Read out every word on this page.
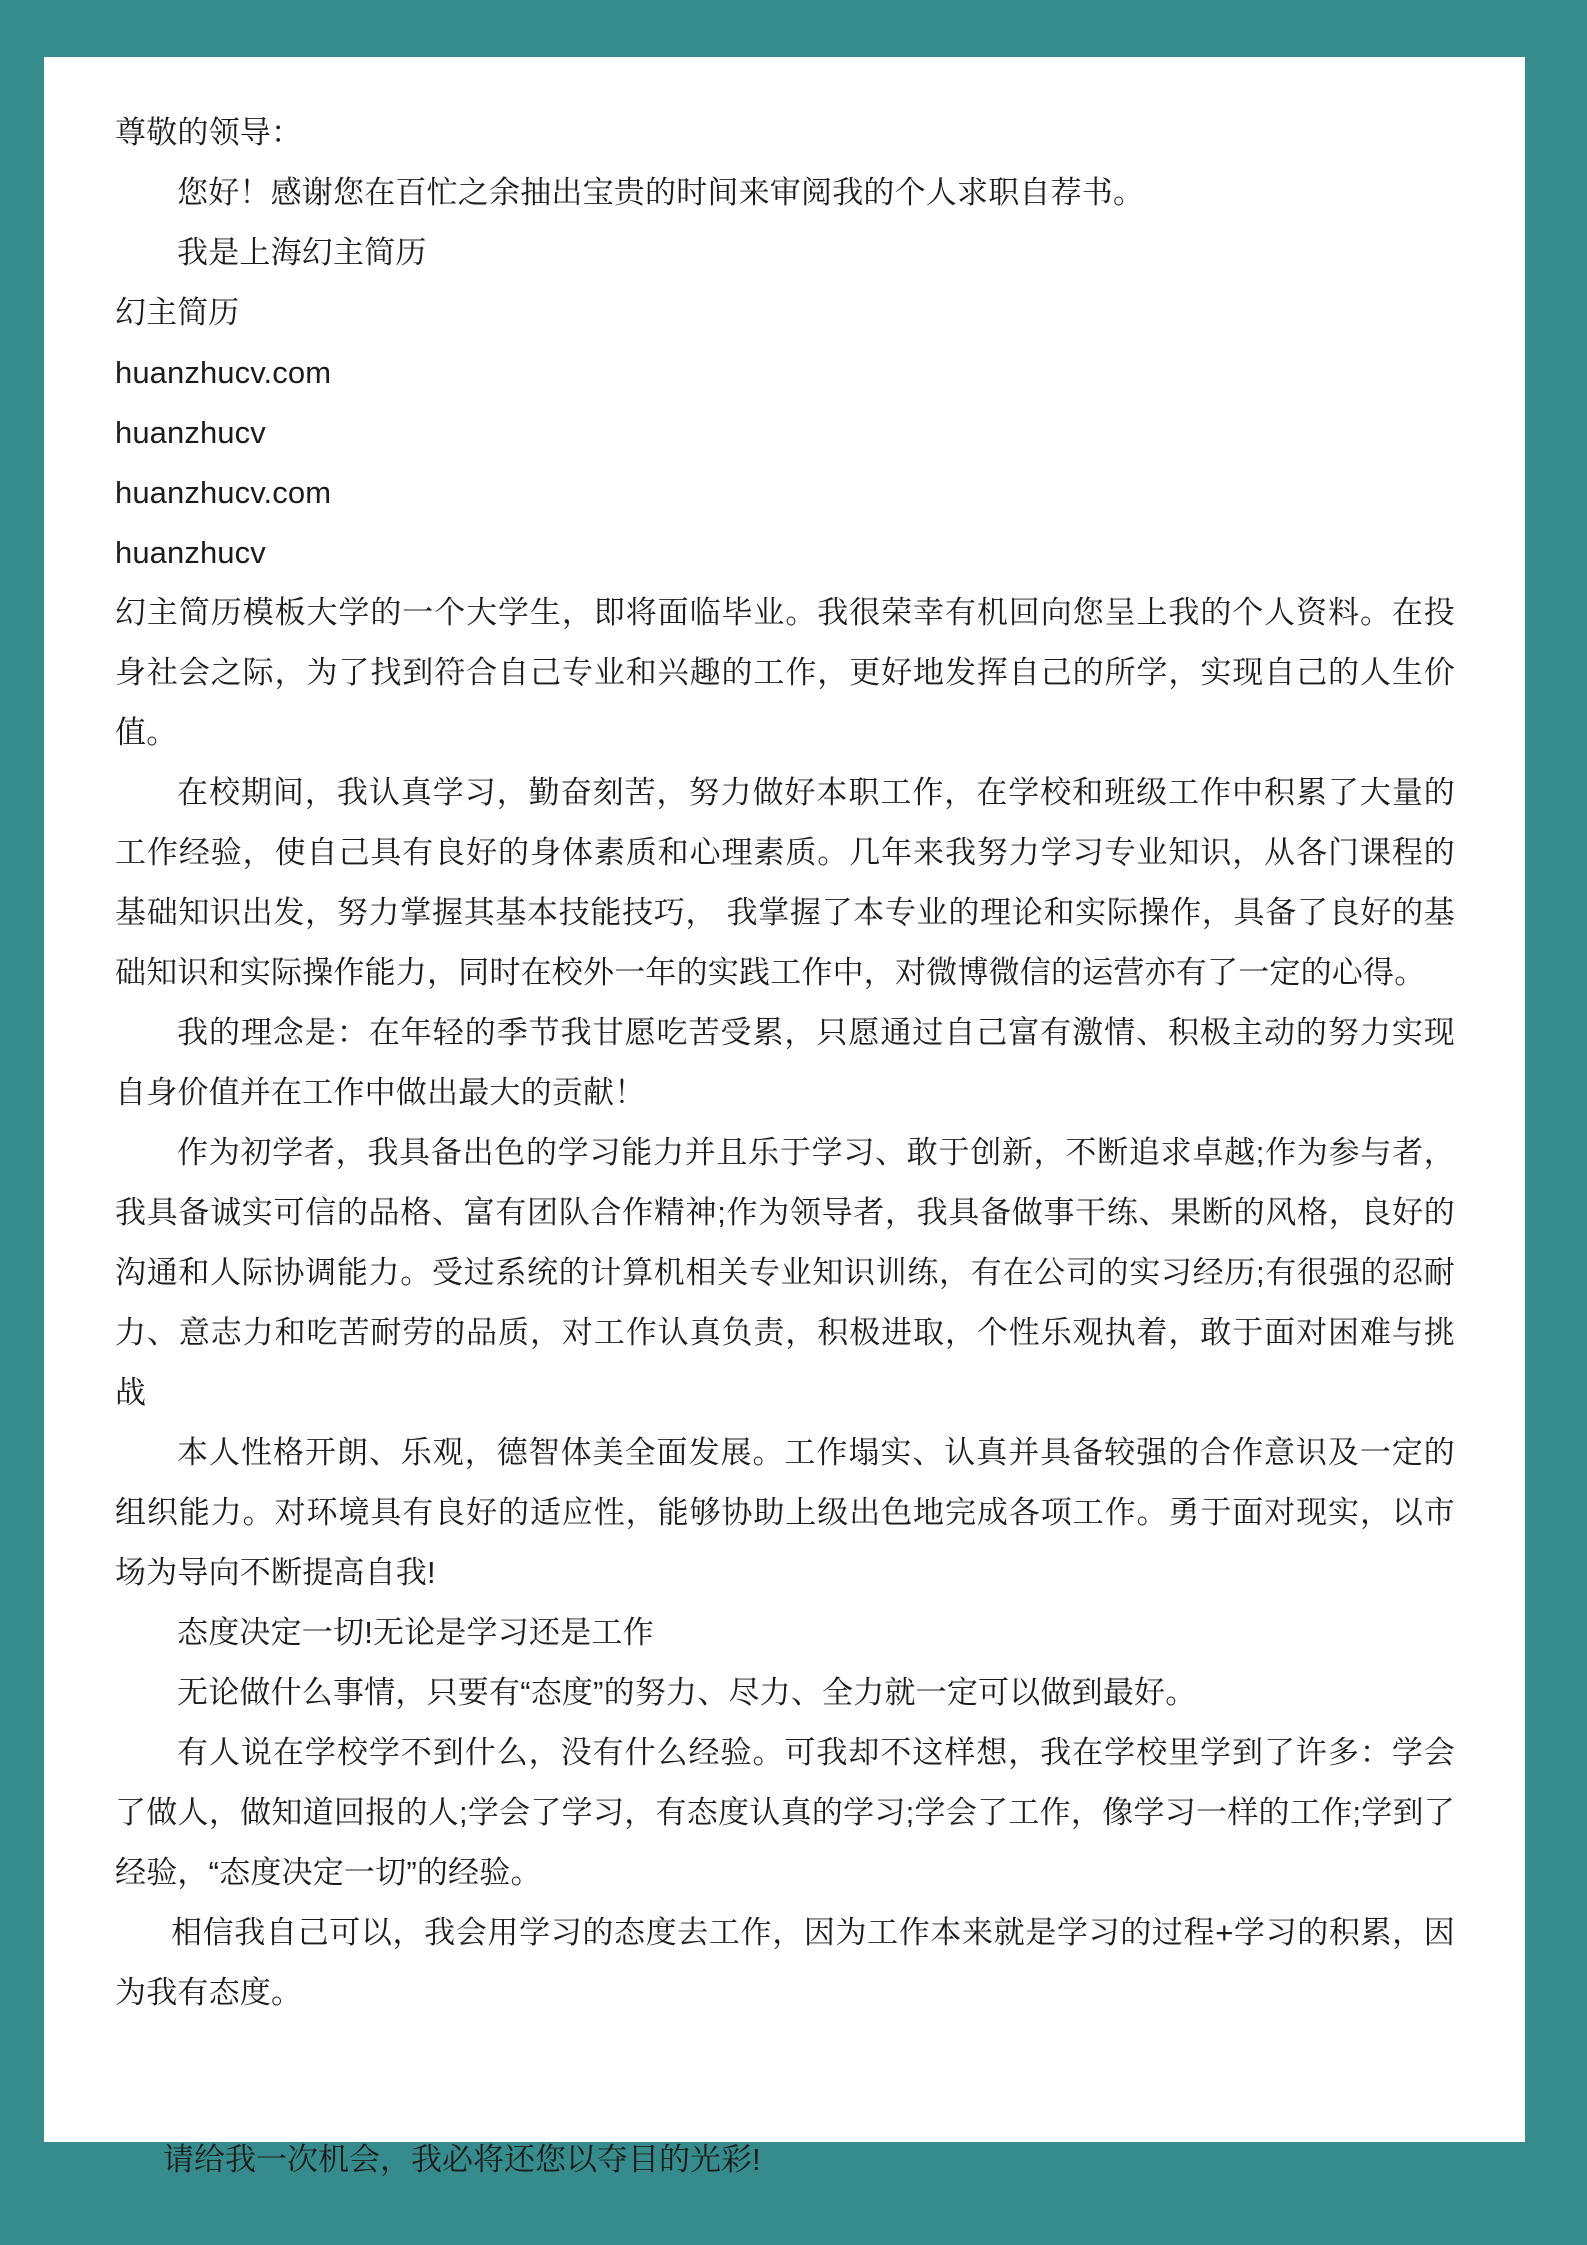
尊敬的领导：

您好！感谢您在百忙之余抽出宝贵的时间来审阅我的个人求职自荐书。

我是上海幻主简历

幻主简历

huanzhucv.com

huanzhucv

huanzhucv.com

huanzhucv

幻主简历模板大学的一个大学生，即将面临毕业。我很荣幸有机回向您呈上我的个人资料。在投身社会之际，为了找到符合自己专业和兴趣的工作，更好地发挥自己的所学，实现自己的人生价值。

在校期间，我认真学习，勤奋刻苦，努力做好本职工作，在学校和班级工作中积累了大量的工作经验，使自己具有良好的身体素质和心理素质。几年来我努力学习专业知识，从各门课程的基础知识出发，努力掌握其基本技能技巧， 我掌握了本专业的理论和实际操作，具备了良好的基础知识和实际操作能力，同时在校外一年的实践工作中，对微博微信的运营亦有了一定的心得。

我的理念是：在年轻的季节我甘愿吃苦受累，只愿通过自己富有激情、积极主动的努力实现自身价值并在工作中做出最大的贡献！

作为初学者，我具备出色的学习能力并且乐于学习、敢于创新，不断追求卓越;作为参与者，我具备诚实可信的品格、富有团队合作精神;作为领导者，我具备做事干练、果断的风格，良好的沟通和人际协调能力。受过系统的计算机相关专业知识训练，有在公司的实习经历;有很强的忍耐力、意志力和吃苦耐劳的品质，对工作认真负责，积极进取，个性乐观执着，敢于面对困难与挑战

本人性格开朗、乐观，德智体美全面发展。工作塌实、认真并具备较强的合作意识及一定的组织能力。对环境具有良好的适应性，能够协助上级出色地完成各项工作。勇于面对现实，以市场为导向不断提高自我!

态度决定一切!无论是学习还是工作

无论做什么事情，只要有“态度”的努力、尽力、全力就一定可以做到最好。

有人说在学校学不到什么，没有什么经验。可我却不这样想，我在学校里学到了许多：学会了做人，做知道回报的人;学会了学习，有态度认真的学习;学会了工作，像学习一样的工作;学到了经验，“态度决定一切”的经验。

相信我自己可以，我会用学习的态度去工作，因为工作本来就是学习的过程+学习的积累，因为我有态度。

请给我一次机会，我必将还您以夺目的光彩!
